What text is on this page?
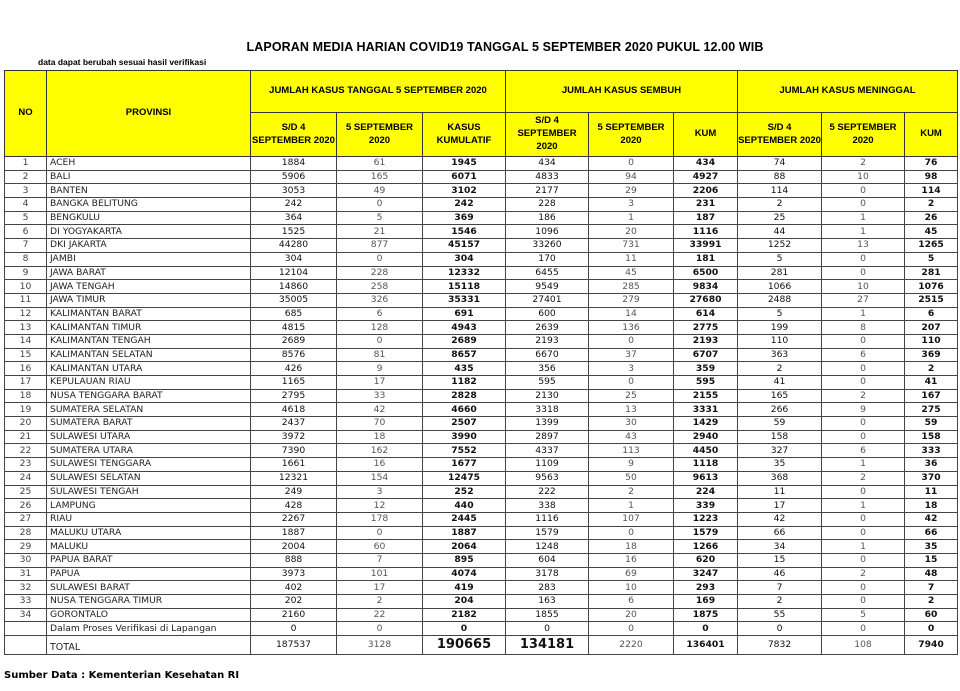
LAPORAN MEDIA HARIAN COVID19 TANGGAL 5 SEPTEMBER 2020 PUKUL 12.00 WIB
data dapat berubah sesuai hasil verifikasi
NO	PROVINSI	JUMLAH KASUS TANGGAL 5 SEPTEMBER 2020			JUMLAH KASUS SEMBUH			JUMLAH KASUS MENINGGAL		
		S/D 4 SEPTEMBER 2020	5 SEPTEMBER 2020	KASUS KUMULATIF	S/D 4 SEPTEMBER 2020	5 SEPTEMBER 2020	KUM	S/D 4 SEPTEMBER 2020	5 SEPTEMBER 2020	KUM
1	ACEH	1884	61	1945	434	0	434	74	2	76
2	BALI	5906	165	6071	4833	94	4927	88	10	98
3	BANTEN	3053	49	3102	2177	29	2206	114	0	114
4	BANGKA BELITUNG	242	0	242	228	3	231	2	0	2
5	BENGKULU	364	5	369	186	1	187	25	1	26
6	DI YOGYAKARTA	1525	21	1546	1096	20	1116	44	1	45
7	DKI JAKARTA	44280	877	45157	33260	731	33991	1252	13	1265
8	JAMBI	304	0	304	170	11	181	5	0	5
9	JAWA BARAT	12104	228	12332	6455	45	6500	281	0	281
10	JAWA TENGAH	14860	258	15118	9549	285	9834	1066	10	1076
11	JAWA TIMUR	35005	326	35331	27401	279	27680	2488	27	2515
12	KALIMANTAN BARAT	685	6	691	600	14	614	5	1	6
13	KALIMANTAN TIMUR	4815	128	4943	2639	136	2775	199	8	207
14	KALIMANTAN TENGAH	2689	0	2689	2193	0	2193	110	0	110
15	KALIMANTAN SELATAN	8576	81	8657	6670	37	6707	363	6	369
16	KALIMANTAN UTARA	426	9	435	356	3	359	2	0	2
17	KEPULAUAN RIAU	1165	17	1182	595	0	595	41	0	41
18	NUSA TENGGARA BARAT	2795	33	2828	2130	25	2155	165	2	167
19	SUMATERA SELATAN	4618	42	4660	3318	13	3331	266	9	275
20	SUMATERA BARAT	2437	70	2507	1399	30	1429	59	0	59
21	SULAWESI UTARA	3972	18	3990	2897	43	2940	158	0	158
22	SUMATERA UTARA	7390	162	7552	4337	113	4450	327	6	333
23	SULAWESI TENGGARA	1661	16	1677	1109	9	1118	35	1	36
24	SULAWESI SELATAN	12321	154	12475	9563	50	9613	368	2	370
25	SULAWESI TENGAH	249	3	252	222	2	224	11	0	11
26	LAMPUNG	428	12	440	338	1	339	17	1	18
27	RIAU	2267	178	2445	1116	107	1223	42	0	42
28	MALUKU UTARA	1887	0	1887	1579	0	1579	66	0	66
29	MALUKU	2004	60	2064	1248	18	1266	34	1	35
30	PAPUA BARAT	888	7	895	604	16	620	15	0	15
31	PAPUA	3973	101	4074	3178	69	3247	46	2	48
32	SULAWESI BARAT	402	17	419	283	10	293	7	0	7
33	NUSA TENGGARA TIMUR	202	2	204	163	6	169	2	0	2
34	GORONTALO	2160	22	2182	1855	20	1875	55	5	60
	Dalam Proses Verifikasi di Lapangan	0	0	0	0	0	0	0	0	0
	TOTAL	187537	3128	190665	134181	2220	136401	7832	108	7940
Sumber Data : Kementerian Kesehatan RI
